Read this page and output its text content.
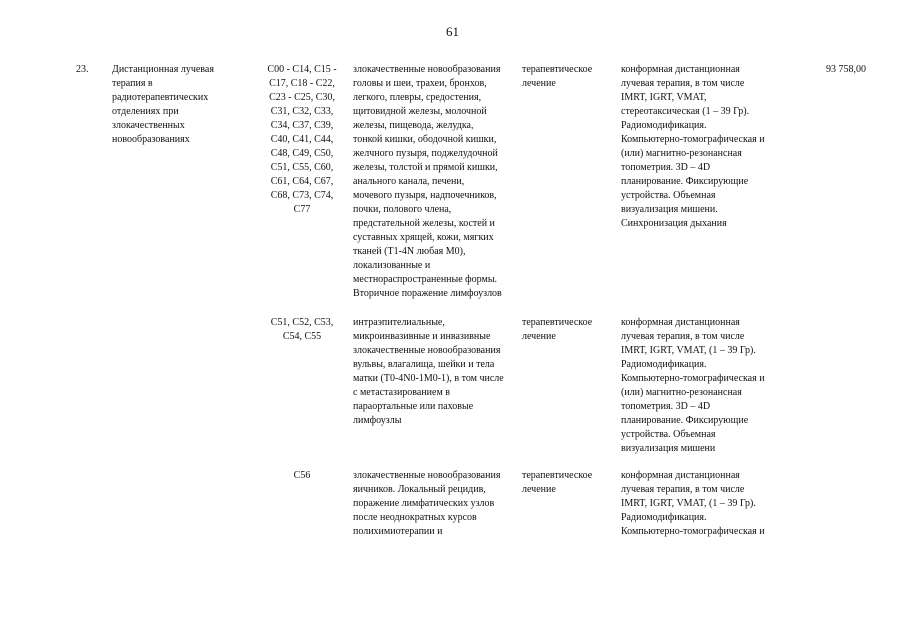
61
23.	Дистанционная лучевая
терапия в
радиотерапевтических
отделениях при
злокачественных
новообразованиях
C00 - C14, C15 -
C17, C18 - C22,
C23 - C25, C30,
C31, C32, C33,
C34, C37, C39,
C40, C41, C44,
C48, C49, C50,
C51, C55, C60,
C61, C64, C67,
C68, C73, C74,
C77
злокачественные новообразования
головы и шеи, трахеи, бронхов,
легкого, плевры, средостения,
щитовидной железы, молочной
железы, пищевода, желудка,
тонкой кишки, ободочной кишки,
желчного пузыря, поджелудочной
железы, толстой и прямой кишки,
анального канала, печени,
мочевого пузыря, надпочечников,
почки, полового члена,
предстательной железы, костей и
суставных хрящей, кожи, мягких
тканей (T1-4N любая M0),
локализованные и
местнораспространенные формы.
Вторичное поражение лимфоузлов
терапевтическое
лечение
конформная дистанционная
лучевая терапия, в том числе
IMRT, IGRT, VMAT,
стереотаксическая (1 – 39 Гр).
Радиомодификация.
Компьютерно-томографическая и
(или) магнитно-резонансная
топометрия. 3D – 4D
планирование. Фиксирующие
устройства. Объемная
визуализация мишени.
Синхронизация дыхания
93 758,00
C51, C52, C53,
C54, C55
интраэпителиальные,
микроинвазивные и инвазивные
злокачественные новообразования
вульвы, влагалища, шейки и тела
матки (T0-4N0-1M0-1), в том числе
с метастазированием в
параортальные или паховые
лимфоузлы
терапевтическое
лечение
конформная дистанционная
лучевая терапия, в том числе
IMRT, IGRT, VMAT, (1 – 39 Гр).
Радиомодификация.
Компьютерно-томографическая и
(или) магнитно-резонансная
топометрия. 3D – 4D
планирование. Фиксирующие
устройства. Объемная
визуализация мишени
C56	злокачественные новообразования
яичников. Локальный рецидив,
поражение лимфатических узлов
после неоднократных курсов
полихимиотерапии и
терапевтическое
лечение
конформная дистанционная
лучевая терапия, в том числе
IMRT, IGRT, VMAT, (1 – 39 Гр).
Радиомодификация.
Компьютерно-томографическая и
